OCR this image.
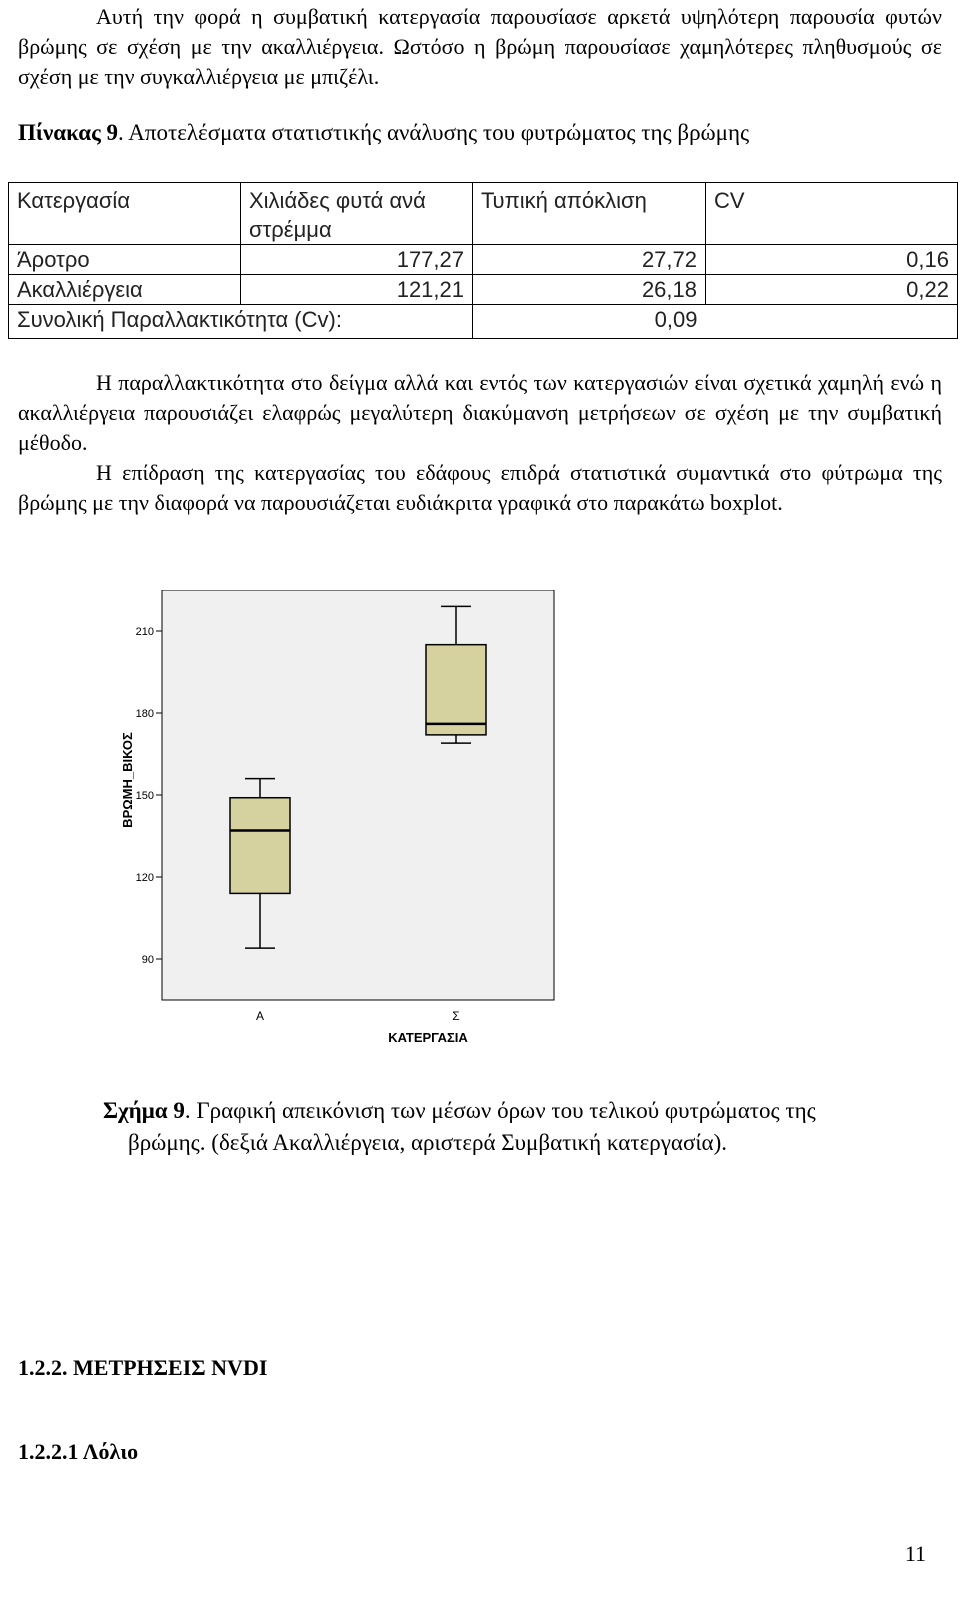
Αυτή την φορά η συμβατική κατεργασία παρουσίασε αρκετά υψηλότερη παρουσία φυτών βρώμης σε σχέση με την ακαλλιέργεια. Ωστόσο η βρώμη παρουσίασε χαμηλότερες πληθυσμούς σε σχέση με την συγκαλλιέργεια με μπιζέλι.
Πίνακας 9. Αποτελέσματα στατιστικής ανάλυσης του φυτρώματος της βρώμης
Κατεργασία	Χιλιάδες φυτά ανά στρέμμα	Τυπική απόκλιση	CV
Άροτρο	177,27	27,72	0,16
Ακαλλιέργεια	121,21	26,18	0,22
Συνολική Παραλλακτικότητα (Cv):		0,09	
Η παραλλακτικότητα στο δείγμα αλλά και εντός των κατεργασιών είναι σχετικά χαμηλή ενώ η ακαλλιέργεια παρουσιάζει ελαφρώς μεγαλύτερη διακύμανση μετρήσεων σε σχέση με την συμβατική μέθοδο.
Η επίδραση της κατεργασίας του εδάφους επιδρά στατιστικά συμαντικά στο φύτρωμα της βρώμης με την διαφορά να παρουσιάζεται ευδιάκριτα γραφικά στο παρακάτω boxplot.
90
120
150
180
210
Α	Σ
ΒΡΩΜΗ_ΒΙΚΟΣ
ΚΑΤΕΡΓΑΣΙΑ
Σχήμα 9. Γραφική απεικόνιση των μέσων όρων του τελικού φυτρώματος της
βρώμης. (δεξιά Ακαλλιέργεια, αριστερά Συμβατική κατεργασία).
1.2.2. ΜΕΤΡΗΣΕΙΣ NVDI
1.2.2.1 Λόλιο
11
